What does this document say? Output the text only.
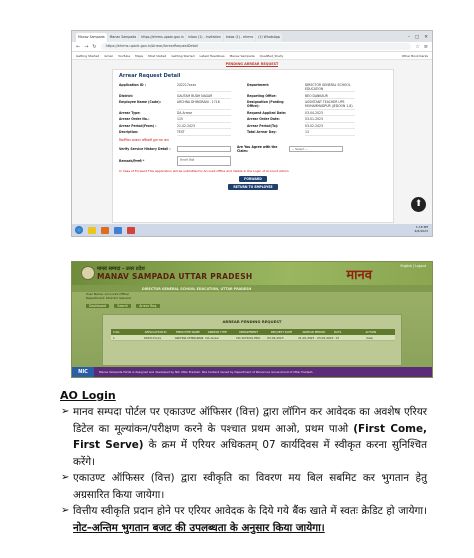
Manav Sampada	Manav Sampada	https://ehrms.upsdc.gov.in	Inbox (1) - Invitation	Inbox (1) - ehrms	(1) WhatsApp	– □ ✕
← → ↻	https://ehrms.upsdc.gov.in/Arrear/ArrearRequestDetail	☆ ≡
Getting Started Gmail YouTube Maps Most Visited Getting Started Latest Headlines Manav Sampada Qualified_Study	Other Bookmarks
PENDING ARREAR REQUEST
Arrear Request Detail
Application ID :	202217xxxx	Department:	DIRECTOR GENERAL SCHOOL EDUCATION
District:	GAUTAM BUDH NAGAR	Reporting Office:	BEO DANKAUR
Employee Name (Code):	ARCHNA DHINGRANI - 1716	Designation (Posting Office):
ASSISTANT TEACHER UPS MOHAMMADPUR (JEDOON 1-8)
Arrear Type:	DA Arrear	Request Applied Date:	03-04-2023
Arrear Order No.:	115	Arrear Order Date:	03-01-2023
Arrear Period(From) :	21-02-2023	Arrear Period(To):	03-02-2023
Decription:	TEST	Total Arrear Day:	13
विवरणिका सत्यापन अधिकारी द्वारा भरा जाय
Verify Service History Detail :	Are You Agree with the Claim:	-- Select --
Remark/टिप्पणी *	टिप्पणी लिखें
In Case of Forward This Application will be submitted to Account Office and Visible in the Login of Account Admin
FORWARD
RETURN TO EMPLOYEE
⬆
1:18 PM
4/6/2023
मानव सम्पदा - उत्तर प्रदेश
MANAV SAMPADA UTTAR PRADESH	मानव
English | Logout
DIRECTOR GENERAL SCHOOL EDUCATION, UTTAR PRADESH
User Name: Accounts Officer
Department: Director General
Dashboard	Search	Arrear Req.
ARREAR PENDING REQUEST
S.No	APPLICATION ID	EMPLOYEE NAME	ARREAR TYPE	DEPARTMENT	REQUEST DATE	ARREAR PERIOD	DAYS	ACTION
1	202217xxxx	ARCHNA DHINGRANI DA Arrear	DG SCHOOL EDU.	03-04-2023	21-02-2023 - 03-02-2023 13	View
NIC	Manav Sampada Portal is designed and developed by NIC Uttar Pradesh. Site Content owned by Department of Personnel, Government of Uttar Pradesh.
AO Login
➢ मानव सम्पदा पोर्टल पर एकाउण्ट ऑफिसर (वित्त) द्वारा लॉगिन कर आवेदक का अवशेष एरियर डिटेल का मूल्यांकन/परीक्षण करने के पश्चात प्रथम आओ, प्रथम पाओ (First Come, First Serve) के क्रम में एरियर अधिकतम् 07 कार्यदिवस में स्वीकृत करना सुनिश्चित करेंगे।
➢ एकाउण्ट ऑफिसर (वित्त) द्वारा स्वीकृति का विवरण मय बिल सबमिट कर भुगतान हेतु अग्रसारित किया जायेगा।
➢ वित्तीय स्वीकृति प्रदान होने पर एरियर आवेदक के दिये गये बैंक खाते में स्वतः क्रेडिट हो जायेगा। नोट–अन्तिम भुगतान बजट की उपलब्धता के अनुसार किया जायेगा।
